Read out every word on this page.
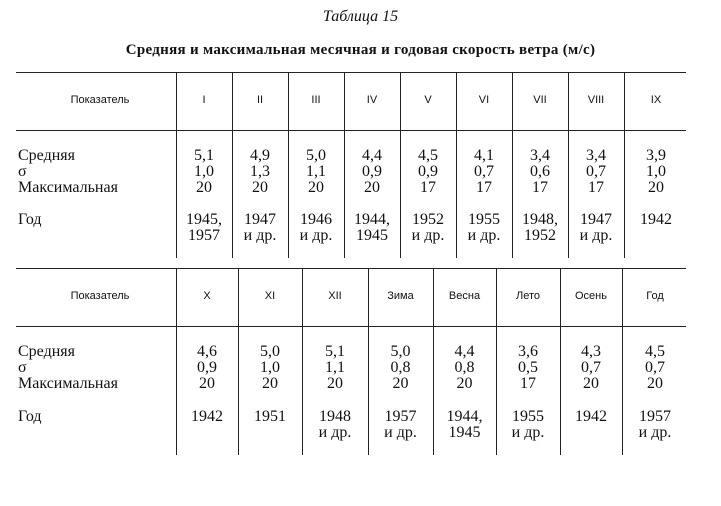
Таблица 15
Средняя и максимальная месячная и годовая скорость ветра (м/с)
Показатель	I
5,1
1,0
20
1945,
1957
II
4,9
1,3
20
1947
и др.
III
5,0
1,1
20
1946
и др.
IV
4,4
0,9
20
1944,
1945
V
4,5
0,9
17
1952
и др.
VI
4,1
0,7
17
1955
и др.
VII
3,4
0,6
17
1948,
1952
VIII
3,4
0,7
17
1947
и др.
IX
3,9
1,0
20
1942
Средняя
σ
Максимальная
Год
Показатель	X
4,6
0,9
20
1942
XI
5,0
1,0
20
1951
XII
5,1
1,1
20
1948
и др.
Зима
5,0
0,8
20
1957
и др.
Весна
4,4
0,8
20
1944,
1945
Лето
3,6
0,5
17
1955
и др.
Осень
4,3
0,7
20
1942
Год
4,5
0,7
20
1957
и др.
Средняя
σ
Максимальная
Год
